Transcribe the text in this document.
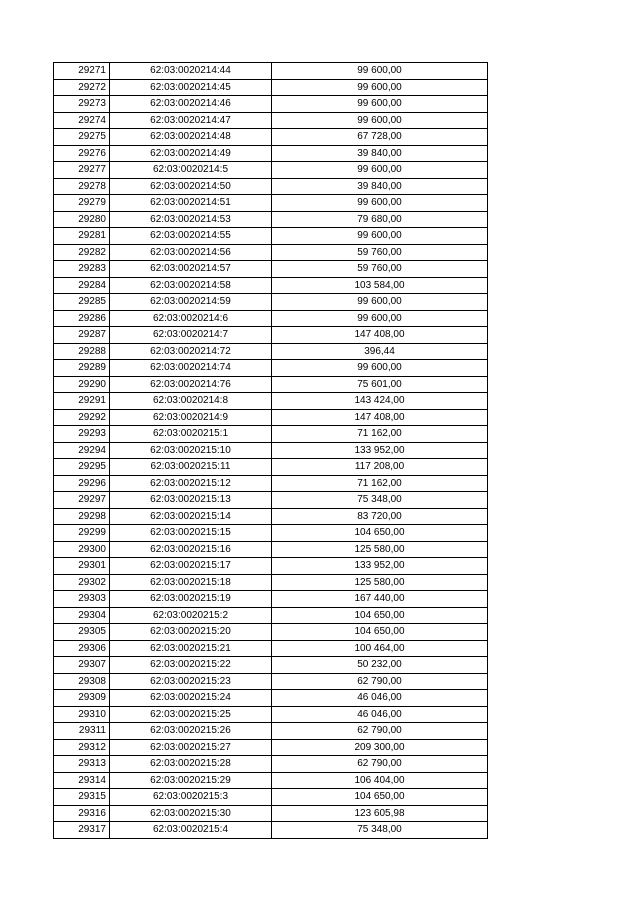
29271	62:03:0020214:44	99 600,00
29272	62:03:0020214:45	99 600,00
29273	62:03:0020214:46	99 600,00
29274	62:03:0020214:47	99 600,00
29275	62:03:0020214:48	67 728,00
29276	62:03:0020214:49	39 840,00
29277	62:03:0020214:5	99 600,00
29278	62:03:0020214:50	39 840,00
29279	62:03:0020214:51	99 600,00
29280	62:03:0020214:53	79 680,00
29281	62:03:0020214:55	99 600,00
29282	62:03:0020214:56	59 760,00
29283	62:03:0020214:57	59 760,00
29284	62:03:0020214:58	103 584,00
29285	62:03:0020214:59	99 600,00
29286	62:03:0020214:6	99 600,00
29287	62:03:0020214:7	147 408,00
29288	62:03:0020214:72	396,44
29289	62:03:0020214:74	99 600,00
29290	62:03:0020214:76	75 601,00
29291	62:03:0020214:8	143 424,00
29292	62:03:0020214:9	147 408,00
29293	62:03:0020215:1	71 162,00
29294	62:03:0020215:10	133 952,00
29295	62:03:0020215:11	117 208,00
29296	62:03:0020215:12	71 162,00
29297	62:03:0020215:13	75 348,00
29298	62:03:0020215:14	83 720,00
29299	62:03:0020215:15	104 650,00
29300	62:03:0020215:16	125 580,00
29301	62:03:0020215:17	133 952,00
29302	62:03:0020215:18	125 580,00
29303	62:03:0020215:19	167 440,00
29304	62:03:0020215:2	104 650,00
29305	62:03:0020215:20	104 650,00
29306	62:03:0020215:21	100 464,00
29307	62:03:0020215:22	50 232,00
29308	62:03:0020215:23	62 790,00
29309	62:03:0020215:24	46 046,00
29310	62:03:0020215:25	46 046,00
29311	62:03:0020215:26	62 790,00
29312	62:03:0020215:27	209 300,00
29313	62:03:0020215:28	62 790,00
29314	62:03:0020215:29	106 404,00
29315	62:03:0020215:3	104 650,00
29316	62:03:0020215:30	123 605,98
29317	62:03:0020215:4	75 348,00
